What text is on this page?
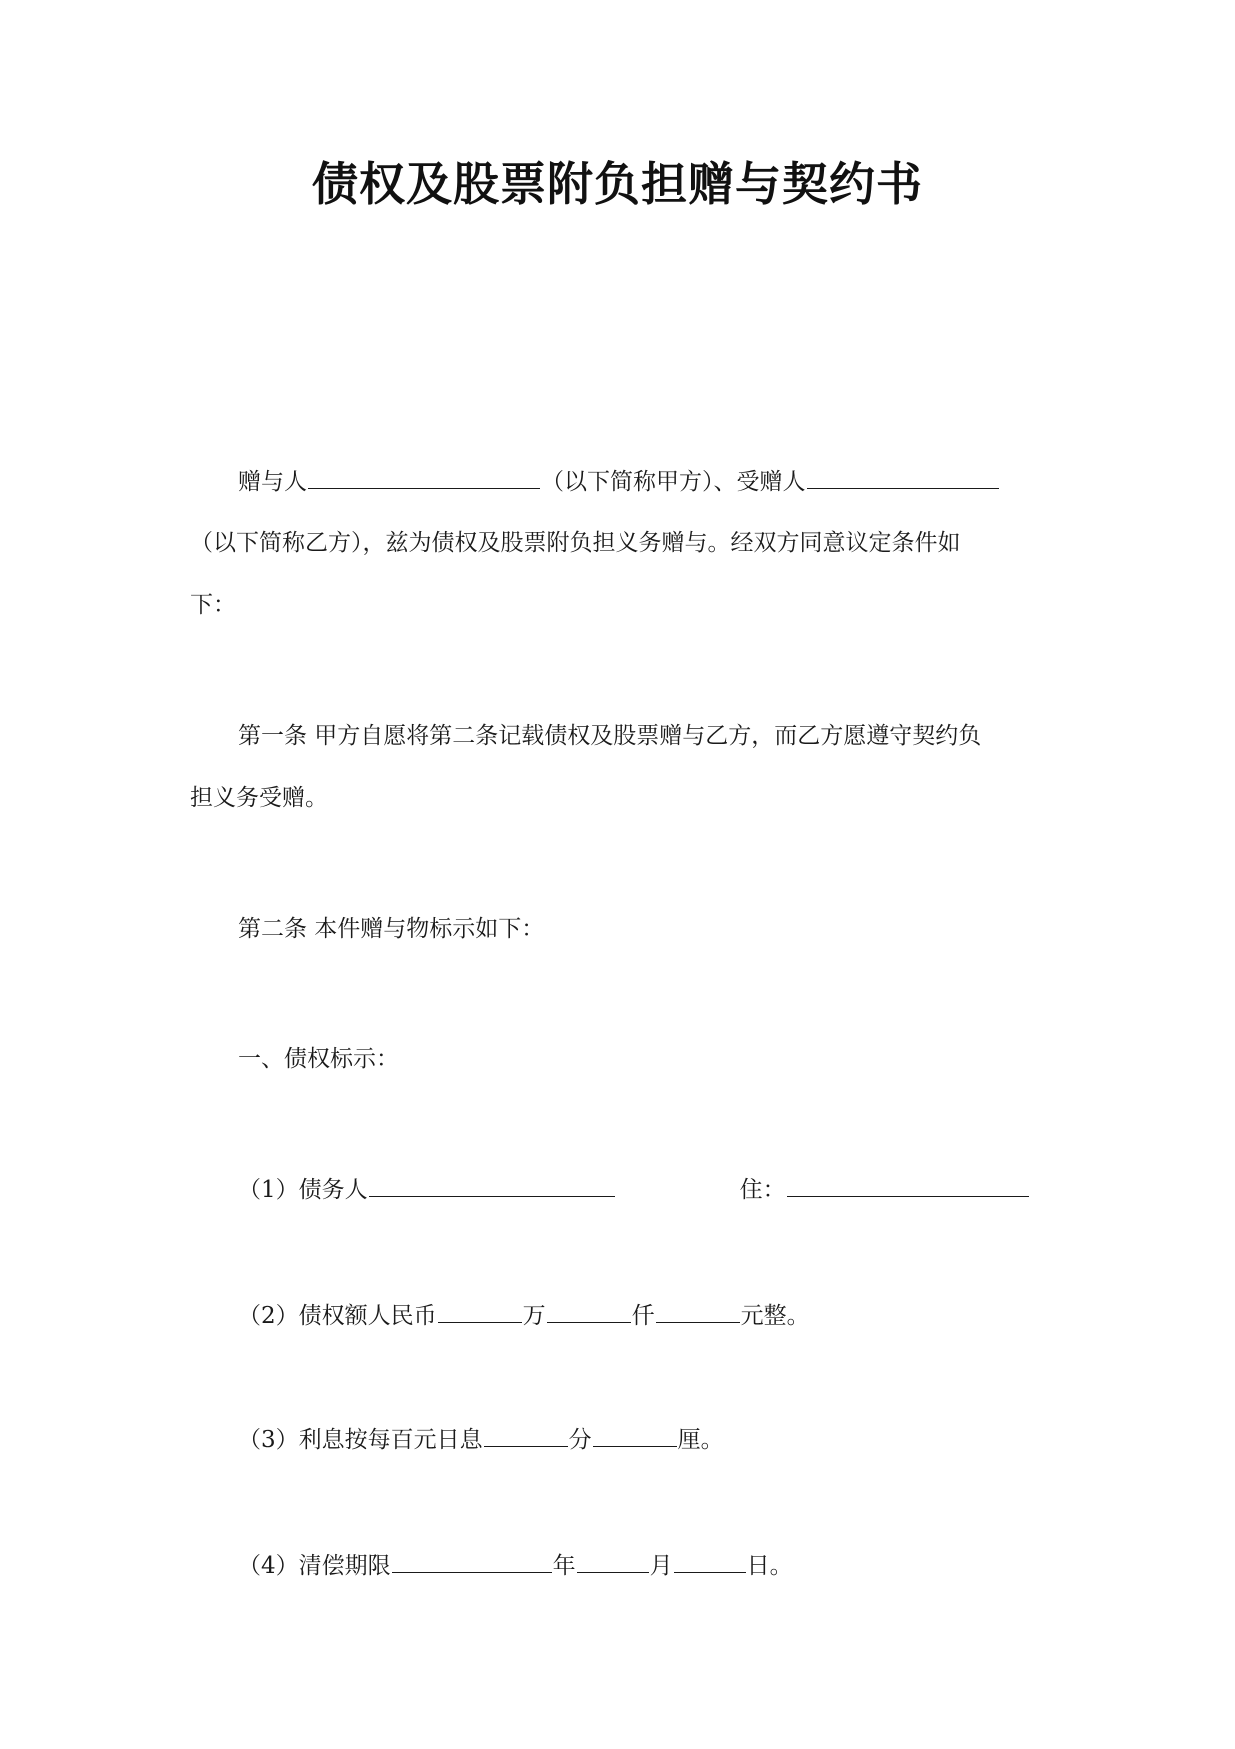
债权及股票附负担赠与契约书
赠与人	（以下简称甲方）、受赠人
（以下简称乙方），兹为债权及股票附负担义务赠与。经双方同意议定条件如
下：
第一条 甲方自愿将第二条记载债权及股票赠与乙方，而乙方愿遵守契约负
担义务受赠。
第二条 本件赠与物标示如下：
一、债权标示：
（1）债务人	住：
（2）债权额人民币	万	仟	元整。
（3）利息按每百元日息	分	厘。
（4）清偿期限	年	月	日。
